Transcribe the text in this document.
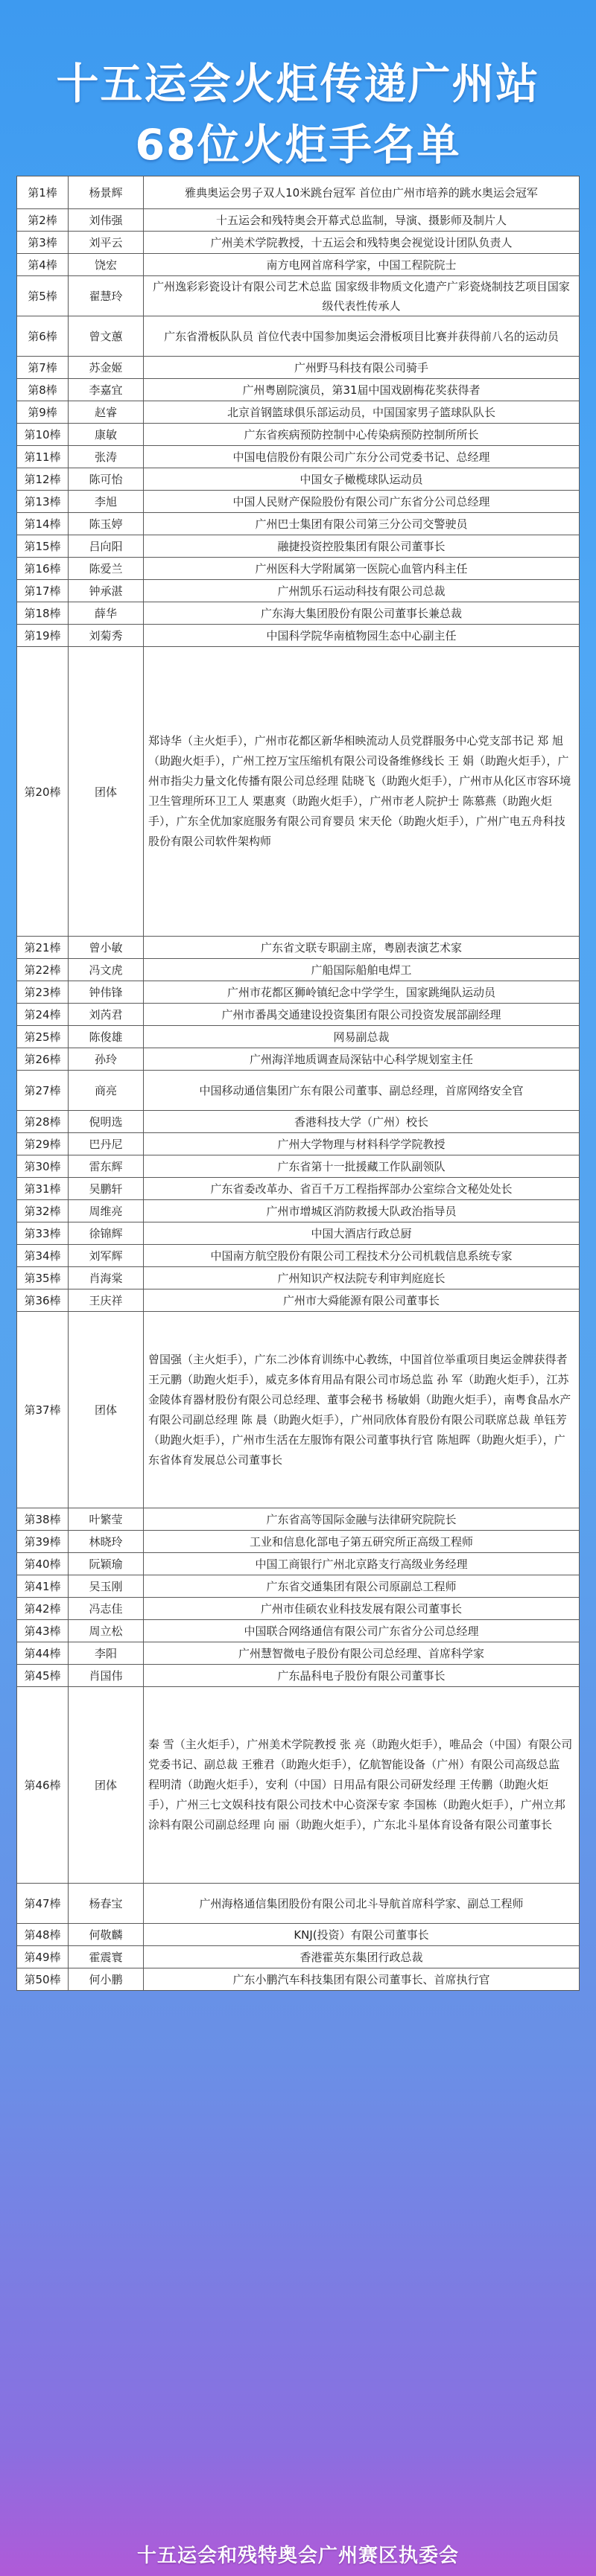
十五运会火炬传递广州站
68位火炬手名单
第1棒	杨景辉	雅典奥运会男子双人10米跳台冠军 首位由广州市培养的跳水奥运会冠军
第2棒	刘伟强	十五运会和残特奥会开幕式总监制，导演、摄影师及制片人
第3棒	刘平云	广州美术学院教授，十五运会和残特奥会视觉设计团队负责人
第4棒	饶宏	南方电网首席科学家，中国工程院院士
第5棒	翟慧玲	广州逸彩彩瓷设计有限公司艺术总监 国家级非物质文化遗产广彩瓷烧制技艺项目国家级代表性传承人
第6棒	曾文蕙	广东省滑板队队员 首位代表中国参加奥运会滑板项目比赛并获得前八名的运动员
第7棒	苏金姬	广州野马科技有限公司骑手
第8棒	李嘉宜	广州粤剧院演员，第31届中国戏剧梅花奖获得者
第9棒	赵睿	北京首钢篮球俱乐部运动员，中国国家男子篮球队队长
第10棒	康敏	广东省疾病预防控制中心传染病预防控制所所长
第11棒	张涛	中国电信股份有限公司广东分公司党委书记、总经理
第12棒	陈可怡	中国女子橄榄球队运动员
第13棒	李旭	中国人民财产保险股份有限公司广东省分公司总经理
第14棒	陈玉婷	广州巴士集团有限公司第三分公司交警驶员
第15棒	吕向阳	融捷投资控股集团有限公司董事长
第16棒	陈爱兰	广州医科大学附属第一医院心血管内科主任
第17棒	钟承湛	广州凯乐石运动科技有限公司总裁
第18棒	薛华	广东海大集团股份有限公司董事长兼总裁
第19棒	刘菊秀	中国科学院华南植物园生态中心副主任
第20棒	团体	郑诗华（主火炬手），广州市花都区新华相映流动人员党群服务中心党支部书记 郑 旭（助跑火炬手），广州工控万宝压缩机有限公司设备维修线长 王 娟（助跑火炬手），广州市指尖力量文化传播有限公司总经理 陆晓飞（助跑火炬手），广州市从化区市容环境卫生管理所环卫工人 栗惠爽（助跑火炬手），广州市老人院护士 陈慕燕（助跑火炬手），广东全优加家庭服务有限公司育婴员 宋天伦（助跑火炬手），广州广电五舟科技股份有限公司软件架构师
第21棒	曾小敏	广东省文联专职副主席，粤剧表演艺术家
第22棒	冯文虎	广船国际船舶电焊工
第23棒	钟伟锋	广州市花都区狮岭镇纪念中学学生，国家跳绳队运动员
第24棒	刘芮君	广州市番禺交通建设投资集团有限公司投资发展部副经理
第25棒	陈俊雄	网易副总裁
第26棒	孙玲	广州海洋地质调查局深钻中心科学规划室主任
第27棒	商亮	中国移动通信集团广东有限公司董事、副总经理，首席网络安全官
第28棒	倪明选	香港科技大学（广州）校长
第29棒	巴丹尼	广州大学物理与材料科学学院教授
第30棒	雷东辉	广东省第十一批援藏工作队副领队
第31棒	吴鹏轩	广东省委改革办、省百千万工程指挥部办公室综合文秘处处长
第32棒	周维亮	广州市增城区消防救援大队政治指导员
第33棒	徐锦辉	中国大酒店行政总厨
第34棒	刘军辉	中国南方航空股份有限公司工程技术分公司机载信息系统专家
第35棒	肖海棠	广州知识产权法院专利审判庭庭长
第36棒	王庆祥	广州市大舜能源有限公司董事长
第37棒	团体	曾国强（主火炬手），广东二沙体育训练中心教练，中国首位举重项目奥运金牌获得者 王元鹏（助跑火炬手），威克多体育用品有限公司市场总监 孙 军（助跑火炬手），江苏金陵体育器材股份有限公司总经理、董事会秘书 杨敏娟（助跑火炬手），南粤食品水产有限公司副总经理 陈 晨（助跑火炬手），广州同欣体育股份有限公司联席总裁 单钰芳（助跑火炬手），广州市生活在左服饰有限公司董事执行官 陈旭晖（助跑火炬手），广东省体育发展总公司董事长
第38棒	叶繁莹	广东省高等国际金融与法律研究院院长
第39棒	林晓玲	工业和信息化部电子第五研究所正高级工程师
第40棒	阮颖瑜	中国工商银行广州北京路支行高级业务经理
第41棒	吴玉刚	广东省交通集团有限公司原副总工程师
第42棒	冯志佳	广州市佳硕农业科技发展有限公司董事长
第43棒	周立松	中国联合网络通信有限公司广东省分公司总经理
第44棒	李阳	广州慧智微电子股份有限公司总经理、首席科学家
第45棒	肖国伟	广东晶科电子股份有限公司董事长
第46棒	团体	秦 雪（主火炬手），广州美术学院教授 张 亮（助跑火炬手），唯品会（中国）有限公司党委书记、副总裁 王雅君（助跑火炬手），亿航智能设备（广州）有限公司高级总监 程明清（助跑火炬手），安利（中国）日用品有限公司研发经理 王传鹏（助跑火炬手），广州三七文娱科技有限公司技术中心资深专家 李国栋（助跑火炬手），广州立邦涂料有限公司副总经理 向 丽（助跑火炬手），广东北斗星体育设备有限公司董事长
第47棒	杨春宝	广州海格通信集团股份有限公司北斗导航首席科学家、副总工程师
第48棒	何敬麟	KNJ(投资）有限公司董事长
第49棒	霍震寰	香港霍英东集团行政总裁
第50棒	何小鹏	广东小鹏汽车科技集团有限公司董事长、首席执行官
十五运会和残特奥会广州赛区执委会
